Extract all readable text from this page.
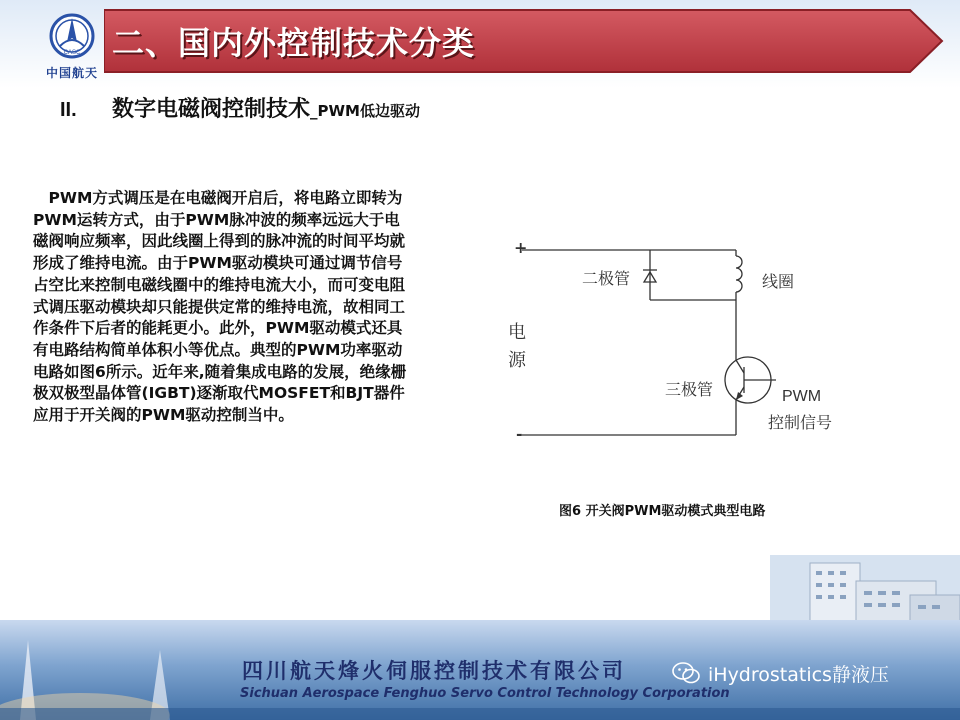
CASC
中国航天
二、国内外控制技术分类
II. 数字电磁阀控制技术_PWM低边驱动
PWM方式调压是在电磁阀开启后，将电路立即转为PWM运转方式，由于PWM脉冲波的频率远远大于电磁阀响应频率，因此线圈上得到的脉冲流的时间平均就形成了维持电流。由于PWM驱动模块可通过调节信号占空比来控制电磁线圈中的维持电流大小，而可变电阻式调压驱动模块却只能提供定常的维持电流，故相同工作条件下后者的能耗更小。此外，PWM驱动模式还具有电路结构简单体积小等优点。典型的PWM功率驱动电路如图6所示。近年来,随着集成电路的发展，绝缘栅极双极型晶体管(IGBT)逐渐取代MOSFET和BJT器件应用于开关阀的PWM驱动控制当中。
+
-
电
源
二极管	线圈
三极管	PWM
控制信号
图6 开关阀PWM驱动模式典型电路
四川航天烽火伺服控制技术有限公司
Sichuan Aerospace Fenghuo Servo Control Technology Corporation
iHydrostatics静液压
